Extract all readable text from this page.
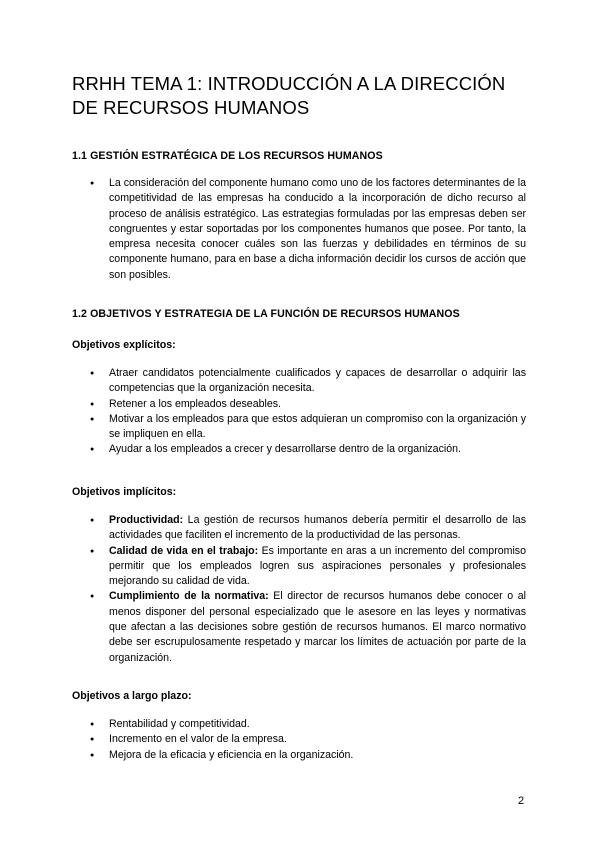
RRHH TEMA 1: INTRODUCCIÓN A LA DIRECCIÓN DE RECURSOS HUMANOS
1.1 GESTIÓN ESTRATÉGICA DE LOS RECURSOS HUMANOS
● La consideración del componente humano como uno de los factores determinantes de la competitividad de las empresas ha conducido a la incorporación de dicho recurso al proceso de análisis estratégico. Las estrategias formuladas por las empresas deben ser congruentes y estar soportadas por los componentes humanos que posee. Por tanto, la empresa necesita conocer cuáles son las fuerzas y debilidades en términos de su componente humano, para en base a dicha información decidir los cursos de acción que son posibles.
1.2 OBJETIVOS Y ESTRATEGIA DE LA FUNCIÓN DE RECURSOS HUMANOS
Objetivos explícitos:
● Atraer candidatos potencialmente cualificados y capaces de desarrollar o adquirir las competencias que la organización necesita.
● Retener a los empleados deseables.
● Motivar a los empleados para que estos adquieran un compromiso con la organización y se impliquen en ella.
● Ayudar a los empleados a crecer y desarrollarse dentro de la organización.
Objetivos implícitos:
● Productividad: La gestión de recursos humanos debería permitir el desarrollo de las actividades que faciliten el incremento de la productividad de las personas.
● Calidad de vida en el trabajo: Es importante en aras a un incremento del compromiso permitir que los empleados logren sus aspiraciones personales y profesionales mejorando su calidad de vida.
● Cumplimiento de la normativa: El director de recursos humanos debe conocer o al menos disponer del personal especializado que le asesore en las leyes y normativas que afectan a las decisiones sobre gestión de recursos humanos. El marco normativo debe ser escrupulosamente respetado y marcar los límites de actuación por parte de la organización.
Objetivos a largo plazo:
● Rentabilidad y competitividad.
● Incremento en el valor de la empresa.
● Mejora de la eficacia y eficiencia en la organización.
2
